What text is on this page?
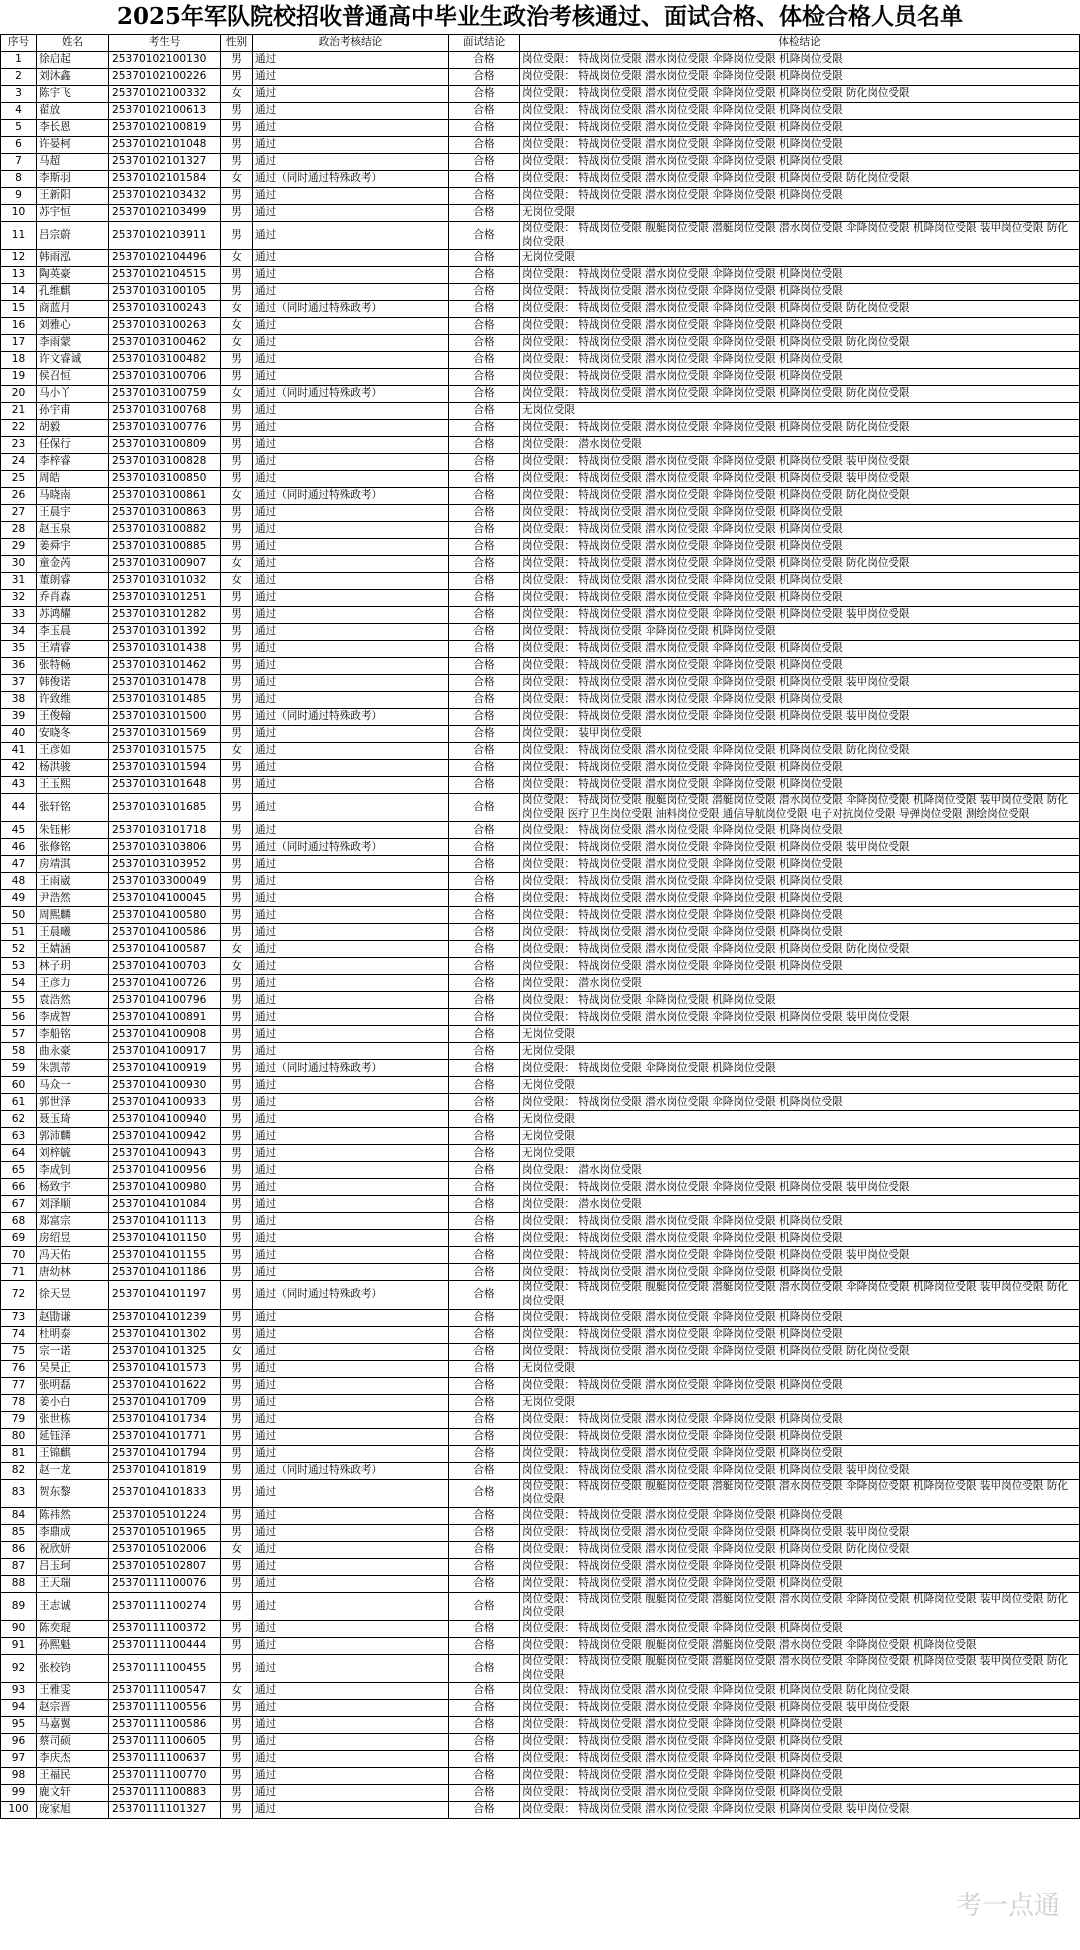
2025年军队院校招收普通高中毕业生政治考核通过、面试合格、体检合格人员名单
序号	姓名	考生号	性别	政治考核结论	面试结论	体检结论
1	徐启起	25370102100130	男	通过	合格	岗位受限： 特战岗位受限 潜水岗位受限 伞降岗位受限 机降岗位受限
2	刘沐鑫	25370102100226	男	通过	合格	岗位受限： 特战岗位受限 潜水岗位受限 伞降岗位受限 机降岗位受限
3	陈宇飞	25370102100332	女	通过	合格	岗位受限： 特战岗位受限 潜水岗位受限 伞降岗位受限 机降岗位受限 防化岗位受限
4	翟放	25370102100613	男	通过	合格	岗位受限： 特战岗位受限 潜水岗位受限 伞降岗位受限 机降岗位受限
5	李长恩	25370102100819	男	通过	合格	岗位受限： 特战岗位受限 潜水岗位受限 伞降岗位受限 机降岗位受限
6	许晏柯	25370102101048	男	通过	合格	岗位受限： 特战岗位受限 潜水岗位受限 伞降岗位受限 机降岗位受限
7	马超	25370102101327	男	通过	合格	岗位受限： 特战岗位受限 潜水岗位受限 伞降岗位受限 机降岗位受限
8	李斯羽	25370102101584	女	通过（同时通过特殊政考）	合格	岗位受限： 特战岗位受限 潜水岗位受限 伞降岗位受限 机降岗位受限 防化岗位受限
9	王新阳	25370102103432	男	通过	合格	岗位受限： 特战岗位受限 潜水岗位受限 伞降岗位受限 机降岗位受限
10	苏宇恒	25370102103499	男	通过	合格	无岗位受限
11	吕宗蔚	25370102103911	男	通过	合格	岗位受限： 特战岗位受限 舰艇岗位受限 潜艇岗位受限 潜水岗位受限 伞降岗位受限 机降岗位受限 装甲岗位受限 防化岗位受限
12	韩雨泓	25370102104496	女	通过	合格	无岗位受限
13	陶英豪	25370102104515	男	通过	合格	岗位受限： 特战岗位受限 潜水岗位受限 伞降岗位受限 机降岗位受限
14	孔维麒	25370103100105	男	通过	合格	岗位受限： 特战岗位受限 潜水岗位受限 伞降岗位受限 机降岗位受限
15	商蓝月	25370103100243	女	通过（同时通过特殊政考）	合格	岗位受限： 特战岗位受限 潜水岗位受限 伞降岗位受限 机降岗位受限 防化岗位受限
16	刘雅心	25370103100263	女	通过	合格	岗位受限： 特战岗位受限 潜水岗位受限 伞降岗位受限 机降岗位受限
17	李雨蒙	25370103100462	女	通过	合格	岗位受限： 特战岗位受限 潜水岗位受限 伞降岗位受限 机降岗位受限 防化岗位受限
18	许文睿诚	25370103100482	男	通过	合格	岗位受限： 特战岗位受限 潜水岗位受限 伞降岗位受限 机降岗位受限
19	侯召恒	25370103100706	男	通过	合格	岗位受限： 特战岗位受限 潜水岗位受限 伞降岗位受限 机降岗位受限
20	马小丫	25370103100759	女	通过（同时通过特殊政考）	合格	岗位受限： 特战岗位受限 潜水岗位受限 伞降岗位受限 机降岗位受限 防化岗位受限
21	孙宇甫	25370103100768	男	通过	合格	无岗位受限
22	胡毅	25370103100776	男	通过	合格	岗位受限： 特战岗位受限 潜水岗位受限 伞降岗位受限 机降岗位受限 防化岗位受限
23	任保行	25370103100809	男	通过	合格	岗位受限： 潜水岗位受限
24	李梓睿	25370103100828	男	通过	合格	岗位受限： 特战岗位受限 潜水岗位受限 伞降岗位受限 机降岗位受限 装甲岗位受限
25	周皓	25370103100850	男	通过	合格	岗位受限： 特战岗位受限 潜水岗位受限 伞降岗位受限 机降岗位受限 装甲岗位受限
26	马晓南	25370103100861	女	通过（同时通过特殊政考）	合格	岗位受限： 特战岗位受限 潜水岗位受限 伞降岗位受限 机降岗位受限 防化岗位受限
27	王晨宇	25370103100863	男	通过	合格	岗位受限： 特战岗位受限 潜水岗位受限 伞降岗位受限 机降岗位受限
28	赵玉泉	25370103100882	男	通过	合格	岗位受限： 特战岗位受限 潜水岗位受限 伞降岗位受限 机降岗位受限
29	姜舜宇	25370103100885	男	通过	合格	岗位受限： 特战岗位受限 潜水岗位受限 伞降岗位受限 机降岗位受限
30	童金芮	25370103100907	女	通过	合格	岗位受限： 特战岗位受限 潜水岗位受限 伞降岗位受限 机降岗位受限 防化岗位受限
31	董朗睿	25370103101032	女	通过	合格	岗位受限： 特战岗位受限 潜水岗位受限 伞降岗位受限 机降岗位受限
32	乔肖森	25370103101251	男	通过	合格	岗位受限： 特战岗位受限 潜水岗位受限 伞降岗位受限 机降岗位受限
33	苏鸿耀	25370103101282	男	通过	合格	岗位受限： 特战岗位受限 潜水岗位受限 伞降岗位受限 机降岗位受限 装甲岗位受限
34	李玉晨	25370103101392	男	通过	合格	岗位受限： 特战岗位受限 伞降岗位受限 机降岗位受限
35	王靖睿	25370103101438	男	通过	合格	岗位受限： 特战岗位受限 潜水岗位受限 伞降岗位受限 机降岗位受限
36	张特畅	25370103101462	男	通过	合格	岗位受限： 特战岗位受限 潜水岗位受限 伞降岗位受限 机降岗位受限
37	韩俊诺	25370103101478	男	通过	合格	岗位受限： 特战岗位受限 潜水岗位受限 伞降岗位受限 机降岗位受限 装甲岗位受限
38	许致维	25370103101485	男	通过	合格	岗位受限： 特战岗位受限 潜水岗位受限 伞降岗位受限 机降岗位受限
39	王俊翰	25370103101500	男	通过（同时通过特殊政考）	合格	岗位受限： 特战岗位受限 潜水岗位受限 伞降岗位受限 机降岗位受限 装甲岗位受限
40	安晓冬	25370103101569	男	通过	合格	岗位受限： 装甲岗位受限
41	王彦如	25370103101575	女	通过	合格	岗位受限： 特战岗位受限 潜水岗位受限 伞降岗位受限 机降岗位受限 防化岗位受限
42	杨洪骏	25370103101594	男	通过	合格	岗位受限： 特战岗位受限 潜水岗位受限 伞降岗位受限 机降岗位受限
43	王玉熙	25370103101648	男	通过	合格	岗位受限： 特战岗位受限 潜水岗位受限 伞降岗位受限 机降岗位受限
44	张轩铭	25370103101685	男	通过	合格	岗位受限： 特战岗位受限 舰艇岗位受限 潜艇岗位受限 潜水岗位受限 伞降岗位受限 机降岗位受限 装甲岗位受限 防化岗位受限 医疗卫生岗位受限 油料岗位受限 通信导航岗位受限 电子对抗岗位受限 导弹岗位受限 测绘岗位受限
45	朱钰彬	25370103101718	男	通过	合格	岗位受限： 特战岗位受限 潜水岗位受限 伞降岗位受限 机降岗位受限
46	张修铭	25370103103806	男	通过（同时通过特殊政考）	合格	岗位受限： 特战岗位受限 潜水岗位受限 伞降岗位受限 机降岗位受限 装甲岗位受限
47	房靖淇	25370103103952	男	通过	合格	岗位受限： 特战岗位受限 潜水岗位受限 伞降岗位受限 机降岗位受限
48	王雨崴	25370103300049	男	通过	合格	岗位受限： 特战岗位受限 潜水岗位受限 伞降岗位受限 机降岗位受限
49	尹浩然	25370104100045	男	通过	合格	岗位受限： 特战岗位受限 潜水岗位受限 伞降岗位受限 机降岗位受限
50	周熙麟	25370104100580	男	通过	合格	岗位受限： 特战岗位受限 潜水岗位受限 伞降岗位受限 机降岗位受限
51	王晨曦	25370104100586	男	通过	合格	岗位受限： 特战岗位受限 潜水岗位受限 伞降岗位受限 机降岗位受限
52	王婧涵	25370104100587	女	通过	合格	岗位受限： 特战岗位受限 潜水岗位受限 伞降岗位受限 机降岗位受限 防化岗位受限
53	林子玥	25370104100703	女	通过	合格	岗位受限： 特战岗位受限 潜水岗位受限 伞降岗位受限 机降岗位受限
54	王彦力	25370104100726	男	通过	合格	岗位受限： 潜水岗位受限
55	袁浩然	25370104100796	男	通过	合格	岗位受限： 特战岗位受限 伞降岗位受限 机降岗位受限
56	李成智	25370104100891	男	通过	合格	岗位受限： 特战岗位受限 潜水岗位受限 伞降岗位受限 机降岗位受限 装甲岗位受限
57	李船铭	25370104100908	男	通过	合格	无岗位受限
58	曲永豪	25370104100917	男	通过	合格	无岗位受限
59	朱凯蒂	25370104100919	男	通过（同时通过特殊政考）	合格	岗位受限： 特战岗位受限 伞降岗位受限 机降岗位受限
60	马众一	25370104100930	男	通过	合格	无岗位受限
61	郭世泽	25370104100933	男	通过	合格	岗位受限： 特战岗位受限 潜水岗位受限 伞降岗位受限 机降岗位受限
62	聂玉琦	25370104100940	男	通过	合格	无岗位受限
63	郭沛麟	25370104100942	男	通过	合格	无岗位受限
64	刘梓毓	25370104100943	男	通过	合格	无岗位受限
65	李成钊	25370104100956	男	通过	合格	岗位受限： 潜水岗位受限
66	杨致宇	25370104100980	男	通过	合格	岗位受限： 特战岗位受限 潜水岗位受限 伞降岗位受限 机降岗位受限 装甲岗位受限
67	刘泽顺	25370104101084	男	通过	合格	岗位受限： 潜水岗位受限
68	郑富宗	25370104101113	男	通过	合格	岗位受限： 特战岗位受限 潜水岗位受限 伞降岗位受限 机降岗位受限
69	房绍昱	25370104101150	男	通过	合格	岗位受限： 特战岗位受限 潜水岗位受限 伞降岗位受限 机降岗位受限
70	冯天佑	25370104101155	男	通过	合格	岗位受限： 特战岗位受限 潜水岗位受限 伞降岗位受限 机降岗位受限 装甲岗位受限
71	唐幼林	25370104101186	男	通过	合格	岗位受限： 特战岗位受限 潜水岗位受限 伞降岗位受限 机降岗位受限
72	徐天昱	25370104101197	男	通过（同时通过特殊政考）	合格	岗位受限： 特战岗位受限 舰艇岗位受限 潜艇岗位受限 潜水岗位受限 伞降岗位受限 机降岗位受限 装甲岗位受限 防化岗位受限
73	赵勖谦	25370104101239	男	通过	合格	岗位受限： 特战岗位受限 潜水岗位受限 伞降岗位受限 机降岗位受限
74	杜明泰	25370104101302	男	通过	合格	岗位受限： 特战岗位受限 潜水岗位受限 伞降岗位受限 机降岗位受限
75	宗一诺	25370104101325	女	通过	合格	岗位受限： 特战岗位受限 潜水岗位受限 伞降岗位受限 机降岗位受限 防化岗位受限
76	吴昊正	25370104101573	男	通过	合格	无岗位受限
77	张明磊	25370104101622	男	通过	合格	岗位受限： 特战岗位受限 潜水岗位受限 伞降岗位受限 机降岗位受限
78	姜小白	25370104101709	男	通过	合格	无岗位受限
79	张世栋	25370104101734	男	通过	合格	岗位受限： 特战岗位受限 潜水岗位受限 伞降岗位受限 机降岗位受限
80	延钰泽	25370104101771	男	通过	合格	岗位受限： 特战岗位受限 潜水岗位受限 伞降岗位受限 机降岗位受限
81	王锦麒	25370104101794	男	通过	合格	岗位受限： 特战岗位受限 潜水岗位受限 伞降岗位受限 机降岗位受限
82	赵一龙	25370104101819	男	通过（同时通过特殊政考）	合格	岗位受限： 特战岗位受限 潜水岗位受限 伞降岗位受限 机降岗位受限 装甲岗位受限
83	贺东黎	25370104101833	男	通过	合格	岗位受限： 特战岗位受限 舰艇岗位受限 潜艇岗位受限 潜水岗位受限 伞降岗位受限 机降岗位受限 装甲岗位受限 防化岗位受限
84	陈祎然	25370105101224	男	通过	合格	岗位受限： 特战岗位受限 潜水岗位受限 伞降岗位受限 机降岗位受限
85	李鼎成	25370105101965	男	通过	合格	岗位受限： 特战岗位受限 潜水岗位受限 伞降岗位受限 机降岗位受限 装甲岗位受限
86	祝欣妍	25370105102006	女	通过	合格	岗位受限： 特战岗位受限 潜水岗位受限 伞降岗位受限 机降岗位受限 防化岗位受限
87	吕玉珂	25370105102807	男	通过	合格	岗位受限： 特战岗位受限 潜水岗位受限 伞降岗位受限 机降岗位受限
88	王天瑞	25370111100076	男	通过	合格	岗位受限： 特战岗位受限 潜水岗位受限 伞降岗位受限 机降岗位受限
89	王志诚	25370111100274	男	通过	合格	岗位受限： 特战岗位受限 舰艇岗位受限 潜艇岗位受限 潜水岗位受限 伞降岗位受限 机降岗位受限 装甲岗位受限 防化岗位受限
90	陈奕琨	25370111100372	男	通过	合格	岗位受限： 特战岗位受限 潜水岗位受限 伞降岗位受限 机降岗位受限
91	孙熙魁	25370111100444	男	通过	合格	岗位受限： 特战岗位受限 舰艇岗位受限 潜艇岗位受限 潜水岗位受限 伞降岗位受限 机降岗位受限
92	张校钧	25370111100455	男	通过	合格	岗位受限： 特战岗位受限 舰艇岗位受限 潜艇岗位受限 潜水岗位受限 伞降岗位受限 机降岗位受限 装甲岗位受限 防化岗位受限
93	王雅雯	25370111100547	女	通过	合格	岗位受限： 特战岗位受限 潜水岗位受限 伞降岗位受限 机降岗位受限 防化岗位受限
94	赵宗晋	25370111100556	男	通过	合格	岗位受限： 特战岗位受限 潜水岗位受限 伞降岗位受限 机降岗位受限 装甲岗位受限
95	马嘉翼	25370111100586	男	通过	合格	岗位受限： 特战岗位受限 潜水岗位受限 伞降岗位受限 机降岗位受限
96	蔡司硕	25370111100605	男	通过	合格	岗位受限： 特战岗位受限 潜水岗位受限 伞降岗位受限 机降岗位受限
97	李庆杰	25370111100637	男	通过	合格	岗位受限： 特战岗位受限 潜水岗位受限 伞降岗位受限 机降岗位受限
98	王福民	25370111100770	男	通过	合格	岗位受限： 特战岗位受限 潜水岗位受限 伞降岗位受限 机降岗位受限
99	鹿文轩	25370111100883	男	通过	合格	岗位受限： 特战岗位受限 潜水岗位受限 伞降岗位受限 机降岗位受限
100	庞家旭	25370111101327	男	通过	合格	岗位受限： 特战岗位受限 潜水岗位受限 伞降岗位受限 机降岗位受限 装甲岗位受限
考一点通
